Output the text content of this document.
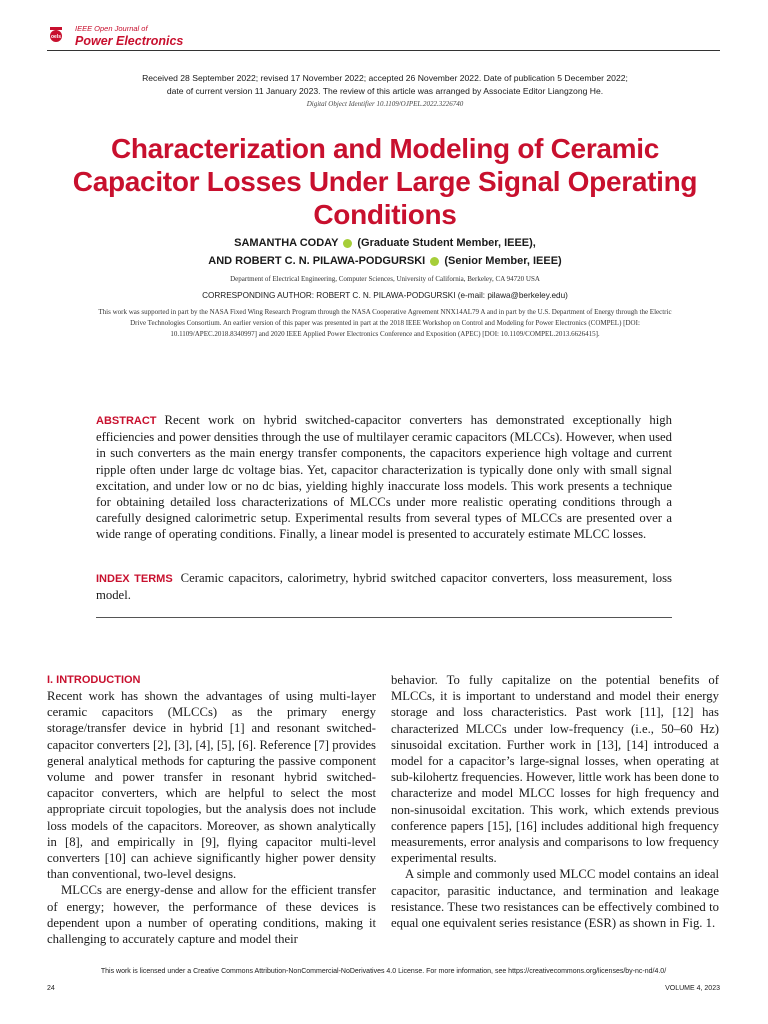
oels
IEEE Open Journal of
Power Electronics
Received 28 September 2022; revised 17 November 2022; accepted 26 November 2022. Date of publication 5 December 2022;
date of current version 11 January 2023. The review of this article was arranged by Associate Editor Liangzong He.
Digital Object Identifier 10.1109/OJPEL.2022.3226740
Characterization and Modeling of Ceramic Capacitor Losses Under Large Signal Operating Conditions
SAMANTHA CODAY (Graduate Student Member, IEEE),
AND ROBERT C. N. PILAWA-PODGURSKI (Senior Member, IEEE)
Department of Electrical Engineering, Computer Sciences, University of California, Berkeley, CA 94720 USA
CORRESPONDING AUTHOR: ROBERT C. N. PILAWA-PODGURSKI (e-mail: pilawa@berkeley.edu)
This work was supported in part by the NASA Fixed Wing Research Program through the NASA Cooperative Agreement NNX14AL79 A and in part by the U.S. Department of Energy through the Electric Drive Technologies Consortium. An earlier version of this paper was presented in part at the 2018 IEEE Workshop on Control and Modeling for Power Electronics (COMPEL) [DOI: 10.1109/APEC.2018.8340997] and 2020 IEEE Applied Power Electronics Conference and Exposition (APEC) [DOI: 10.1109/COMPEL.2013.6626415].
ABSTRACT Recent work on hybrid switched-capacitor converters has demonstrated exceptionally high efficiencies and power densities through the use of multilayer ceramic capacitors (MLCCs). However, when used in such converters as the main energy transfer components, the capacitors experience high voltage and current ripple often under large dc voltage bias. Yet, capacitor characterization is typically done only with small signal excitation, and under low or no dc bias, yielding highly inaccurate loss models. This work presents a technique for obtaining detailed loss characterizations of MLCCs under more realistic operating conditions through a carefully designed calorimetric setup. Experimental results from several types of MLCCs are presented over a wide range of operating conditions. Finally, a linear model is presented to accurately estimate MLCC losses.
INDEX TERMS Ceramic capacitors, calorimetry, hybrid switched capacitor converters, loss measurement, loss model.
I. INTRODUCTION

Recent work has shown the advantages of using multi-layer ceramic capacitors (MLCCs) as the primary energy storage/transfer device in hybrid [1] and resonant switched-capacitor converters [2], [3], [4], [5], [6]. Reference [7] provides general analytical methods for capturing the passive component volume and power transfer in resonant hybrid switched-capacitor converters, which are helpful to select the most appropriate circuit topologies, but the analysis does not include loss models of the capacitors. Moreover, as shown analytically in [8], and empirically in [9], flying capacitor multi-level converters [10] can achieve significantly higher power density than conventional, two-level designs.

MLCCs are energy-dense and allow for the efficient transfer of energy; however, the performance of these devices is dependent upon a number of operating conditions, making it challenging to accurately capture and model their

behavior. To fully capitalize on the potential benefits of MLCCs, it is important to understand and model their energy storage and loss characteristics. Past work [11], [12] has characterized MLCCs under low-frequency (i.e., 50–60 Hz) sinusoidal excitation. Further work in [13], [14] introduced a model for a capacitor’s large-signal losses, when operating at sub-kilohertz frequencies. However, little work has been done to characterize and model MLCC losses for high frequency and non-sinusoidal excitation. This work, which extends previous conference papers [15], [16] includes additional high frequency measurements, error analysis and comparisons to low frequency experimental results.

A simple and commonly used MLCC model contains an ideal capacitor, parasitic inductance, and termination and leakage resistance. These two resistances can be effectively combined to equal one equivalent series resistance (ESR) as shown in Fig. 1.

This work is licensed under a Creative Commons Attribution-NonCommercial-NoDerivatives 4.0 License. For more information, see https://creativecommons.org/licenses/by-nc-nd/4.0/
24	VOLUME 4, 2023
